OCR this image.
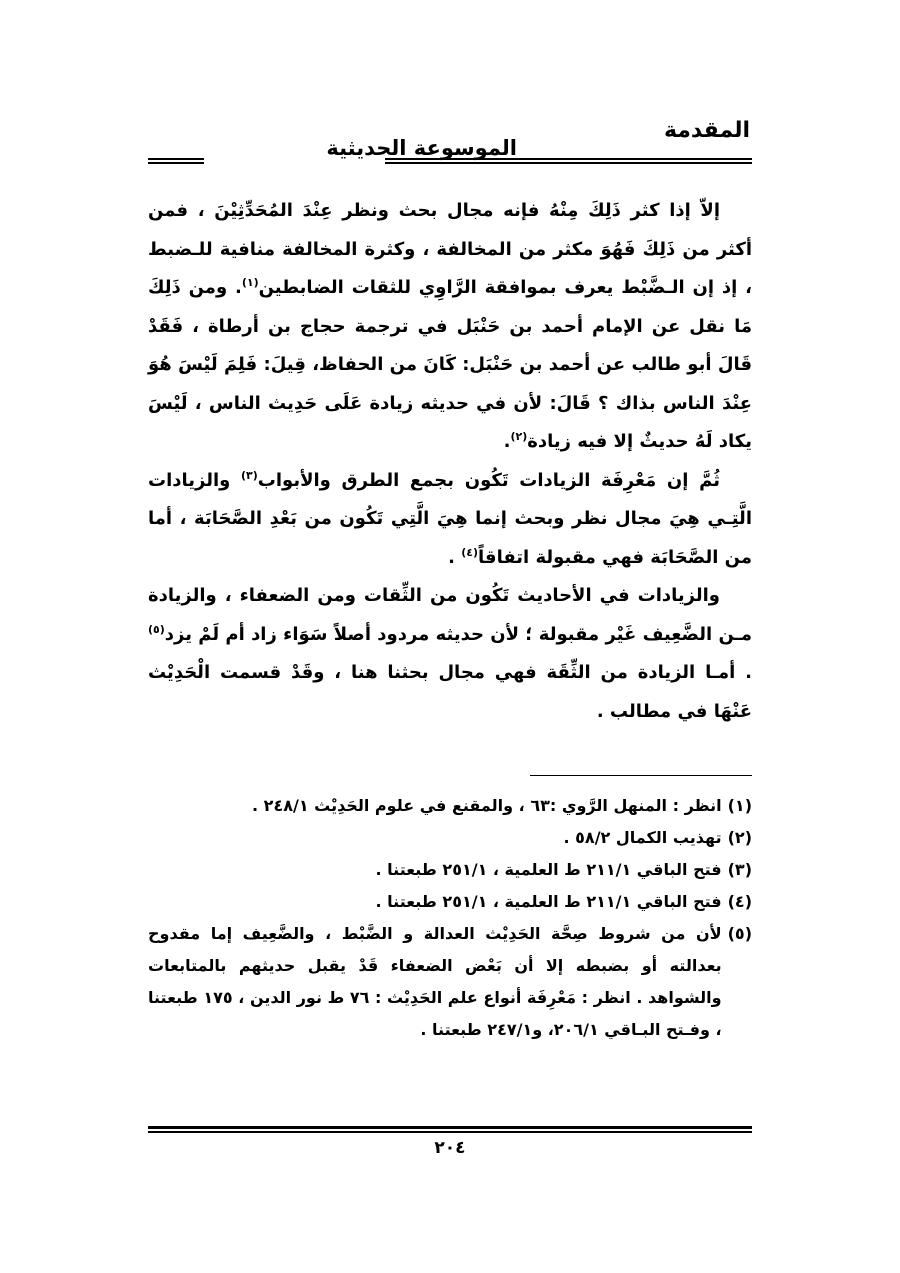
المقدمة
الموسوعة الحديثية

إلاّ إذا كثر ذَلِكَ مِنْهُ فإنه مجال بحث ونظر عِنْدَ المُحَدِّثِيْنَ ، فمن أكثر من ذَلِكَ فَهُوَ مكثر من المخالفة ، وكثرة المخالفة منافية للـضبط ، إذ إن الـضَّبْط يعرف بموافقة الرَّاوِي للثقات الضابطين$^{(١)}$. ومن ذَلِكَ مَا نقل عن الإمام أحمد بن حَنْبَل في ترجمة حجاج بن أرطاة ، فَقَدْ قَالَ أبو طالب عن أحمد بن حَنْبَل: كَانَ من الحفاظ، قِيلَ: فَلِمَ لَيْسَ هُوَ عِنْدَ الناس بذاك ؟ قَالَ: لأن في حديثه زيادة عَلَى حَدِيث الناس ، لَيْسَ يكاد لَهُ حديثٌ إلا فيه زيادة$^{(٢)}$.

ثُمَّ إن مَعْرِفَة الزيادات تَكُون بجمع الطرق والأبواب$^{(٣)}$ والزيادات الَّتِـي هِيَ مجال نظر وبحث إنما هِيَ الَّتِي تَكُون من بَعْدِ الصَّحَابَة ، أما من الصَّحَابَة فهي مقبولة اتفاقاً$^{(٤)}$ .

والزيادات في الأحاديث تَكُون من الثِّقات ومن الضعفاء ، والزيادة مـن الضَّعِيف غَيْر مقبولة ؛ لأن حديثه مردود أصلاً سَوَاء زاد أم لَمْ يزد$^{(٥)}$ . أمـا الزيادة من الثِّقَة فهي مجال بحثنا هنا ، وقَدْ قسمت الْحَدِيْث عَنْهَا في مطالب .

(١)
انظر : المنهل الرَّوي :٦٣ ، والمقنع في علوم الحَدِيْث ٢٤٨/١ .
(٢)
تهذيب الكمال ٥٨/٢ .
(٣)
فتح الباقي ٢١١/١ ط العلمية ، ٢٥١/١ طبعتنا .
(٤)
فتح الباقي ٢١١/١ ط العلمية ، ٢٥١/١ طبعتنا .
(٥)
لأن من شروط صِحَّة الحَدِيْث العدالة و الضَّبْط ، والضَّعِيف إما مقدوح بعدالته أو بضبطه إلا أن بَعْض الضعفاء قَدْ يقبل حديثهم بالمتابعات والشواهد . انظر : مَعْرِفَة أنواع علم الحَدِيْث : ٧٦ ط نور الدين ، ١٧٥ طبعتنا ، وفـتح البـاقي ٢٠٦/١، و٢٤٧/١ طبعتنا .
٢٠٤
